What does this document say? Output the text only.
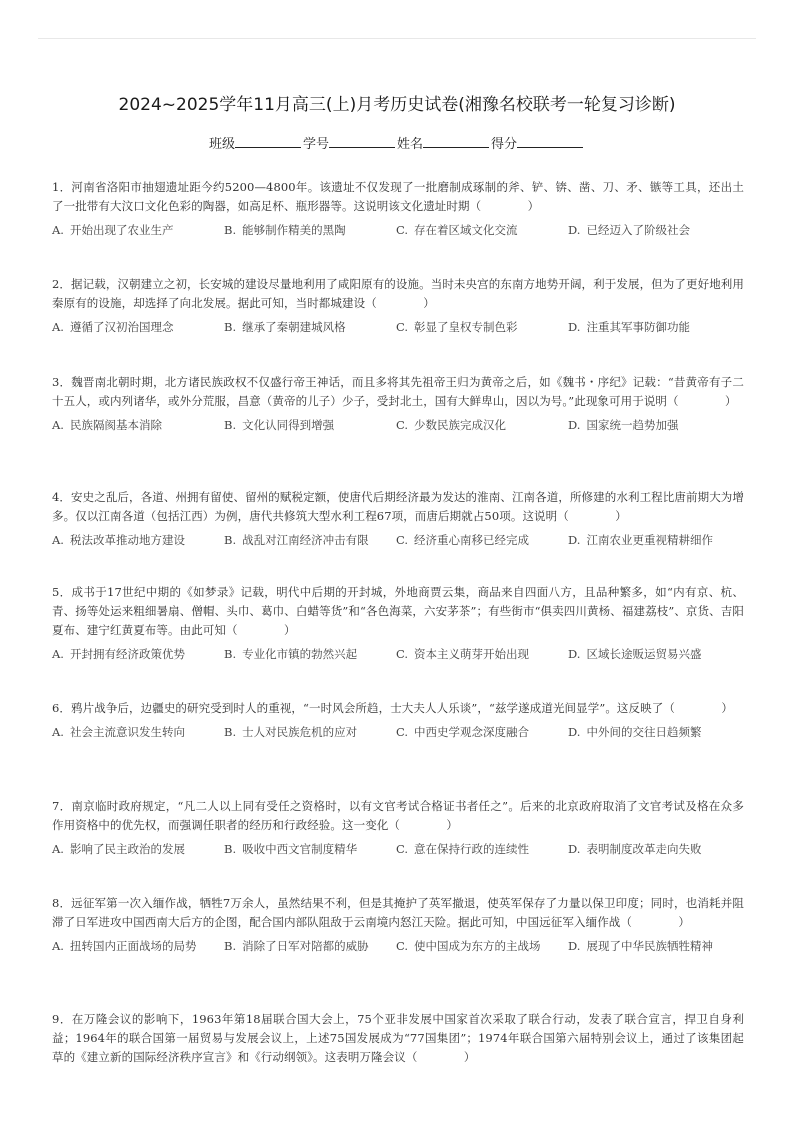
2024~2025学年11月高三(上)月考历史试卷(湘豫名校联考一轮复习诊断)
班级	学号	姓名	得分

1．河南省洛阳市抽翅遗址距今约5200—4800年。该遗址不仅发现了一批磨制成琢制的斧、铲、锛、凿、刀、矛、镞等工具，还出土了一批带有大汶口文化色彩的陶器，如高足杯、瓶形器等。这说明该文化遗址时期（　　　　）

A. 开始出现了农业生产	B. 能够制作精美的黑陶	C. 存在着区域文化交流	D. 已经迈入了阶级社会

2．据记载，汉朝建立之初，长安城的建设尽量地利用了咸阳原有的设施。当时未央宫的东南方地势开阔，利于发展，但为了更好地利用秦原有的设施，却选择了向北发展。据此可知，当时都城建设（　　　　）

A. 遵循了汉初治国理念	B. 继承了秦朝建城风格	C. 彰显了皇权专制色彩	D. 注重其军事防御功能

3．魏晋南北朝时期，北方诸民族政权不仅盛行帝王神话，而且多将其先祖帝王归为黄帝之后，如《魏书・序纪》记载：“昔黄帝有子二十五人，或内列诸华，或外分荒服，昌意（黄帝的儿子）少子，受封北土，国有大鲜卑山，因以为号。”此现象可用于说明（　　　　）

A. 民族隔阂基本消除	B. 文化认同得到增强	C. 少数民族完成汉化	D. 国家统一趋势加强

4．安史之乱后，各道、州拥有留使、留州的赋税定额，使唐代后期经济最为发达的淮南、江南各道，所修建的水利工程比唐前期大为增多。仅以江南各道（包括江西）为例，唐代共修筑大型水利工程67项，而唐后期就占50项。这说明（　　　　）

A. 税法改革推动地方建设	B. 战乱对江南经济冲击有限 C. 经济重心南移已经完成	D. 江南农业更重视精耕细作

5．成书于17世纪中期的《如梦录》记载，明代中后期的开封城，外地商贾云集，商品来自四面八方，且品种繁多，如“内有京、杭、青、扬等处运来粗细暑扇、僧帽、头巾、葛巾、白蜡等货”和“各色海菜，六安茅茶”；有些街市“俱卖四川黄杨、福建荔枝”、京货、吉阳夏布、建宁红黄夏布等。由此可知（　　　　）

A. 开封拥有经济政策优势	B. 专业化市镇的勃然兴起	C. 资本主义萌芽开始出现	D. 区域长途贩运贸易兴盛

6．鸦片战争后，边疆史的研究受到时人的重视，“一时风会所趋，士大夫人人乐谈”，“兹学遂成道光间显学”。这反映了（　　　　）

A. 社会主流意识发生转向	B. 士人对民族危机的应对	C. 中西史学观念深度融合	D. 中外间的交往日趋频繁

7．南京临时政府规定，“凡二人以上同有受任之资格时，以有文官考试合格证书者任之”。后来的北京政府取消了文官考试及格在众多作用资格中的优先权，而强调任职者的经历和行政经验。这一变化（　　　　）

A. 影响了民主政治的发展	B. 吸收中西文官制度精华	C. 意在保持行政的连续性	D. 表明制度改革走向失败

8．远征军第一次入缅作战，牺牲7万余人，虽然结果不利，但是其掩护了英军撤退，使英军保存了力量以保卫印度；同时，也消耗并阻滞了日军进攻中国西南大后方的企图，配合国内部队阻敌于云南境内怒江天险。据此可知，中国远征军入缅作战（　　　　）

A. 扭转国内正面战场的局势 B. 消除了日军对陪都的威胁 C. 使中国成为东方的主战场 D. 展现了中华民族牺牲精神

9．在万隆会议的影响下，1963年第18届联合国大会上，75个亚非发展中国家首次采取了联合行动，发表了联合宣言，捍卫自身利益；1964年的联合国第一届贸易与发展会议上，上述75国发展成为“77国集团”；1974年联合国第六届特别会议上，通过了该集团起草的《建立新的国际经济秩序宣言》和《行动纲领》。这表明万隆会议（　　　　）
